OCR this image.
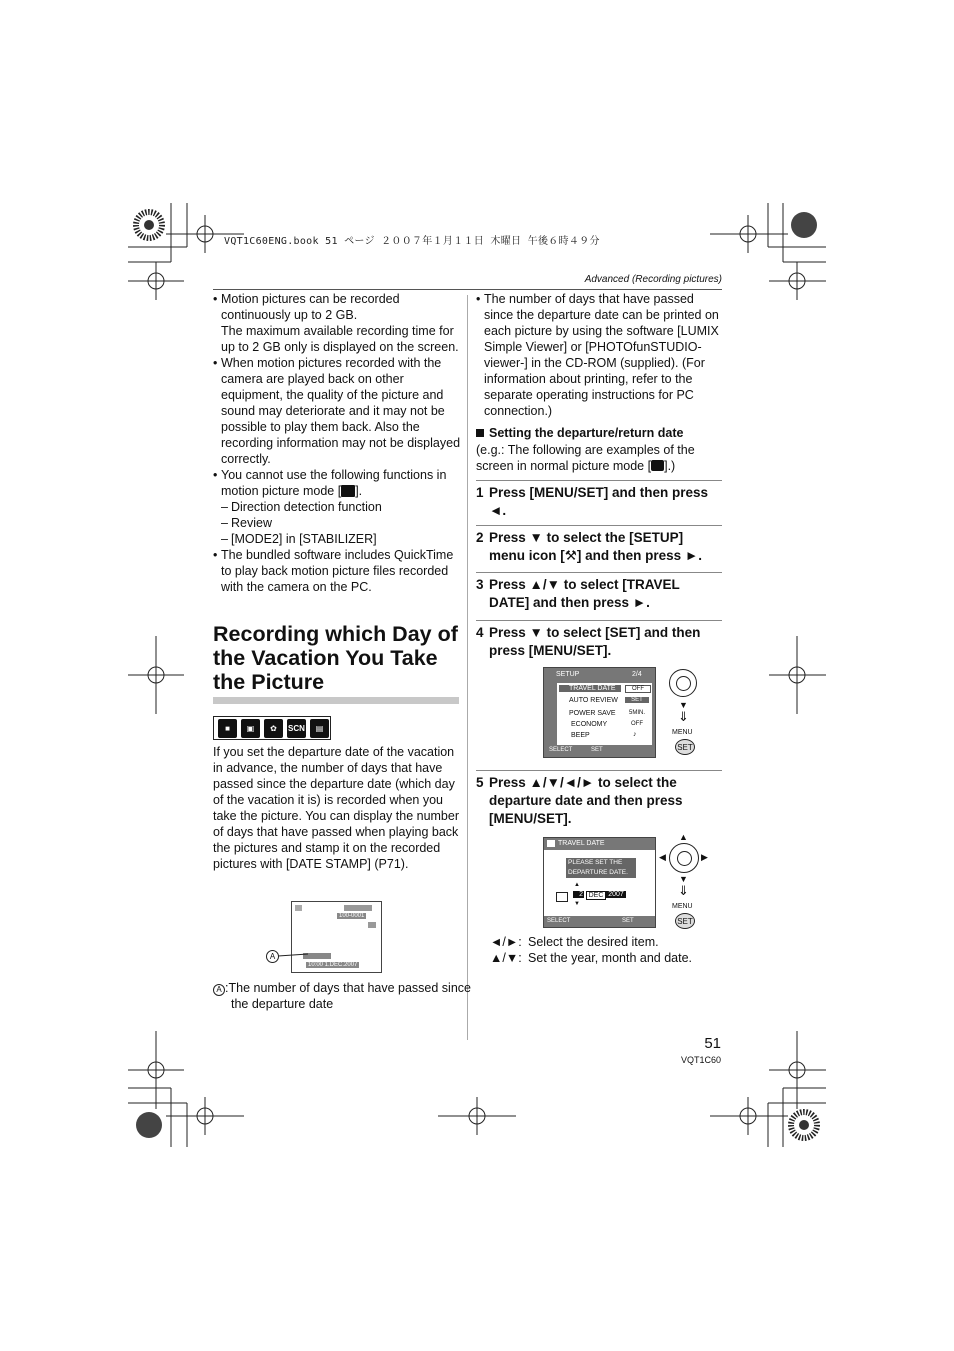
VQT1C60ENG.book 51 ページ ２００７年１月１１日 木曜日 午後６時４９分
Advanced (Recording pictures)

• Motion pictures can be recorded continuously up to 2 GB.

The maximum available recording time for up to 2 GB only is displayed on the screen.

• When motion pictures recorded with the camera are played back on other equipment, the quality of the picture and sound may deteriorate and it may not be possible to play them back. Also the recording information may not be displayed correctly.

• You cannot use the following functions in motion picture mode [ ].

– Direction detection function

– Review

– [MODE2] in [STABILIZER]

• The bundled software includes QuickTime to play back motion picture files recorded with the camera on the PC.

Recording which Day of the Vacation You Take the Picture
■	▣	✿	SCN	▤
If you set the departure date of the vacation in advance, the number of days that have passed since the departure date (which day of the vacation it is) is recorded when you take the picture. You can display the number of days that have passed when playing back the pictures and stamp it on the recorded pictures with [DATE STAMP] (P71).
100-0001
10:00 1.DEC.2007
A
A :The number of days that have passed since the departure date

• The number of days that have passed since the departure date can be printed on each picture by using the software [LUMIX Simple Viewer] or [PHOTOfunSTUDIO-viewer-] in the CD-ROM (supplied). (For information about printing, refer to the separate operating instructions for PC connection.)

Setting the departure/return date
(e.g.: The following are examples of the screen in normal picture mode [ ].)
1 Press [MENU/SET] and then press ◄.
2 Press ▼ to select the [SETUP] menu icon [⚒] and then press ►.
3 Press ▲/▼ to select [TRAVEL DATE] and then press ►.
4 Press ▼ to select [SET] and then press [MENU/SET].
SETUP	2/4
TRAVEL DATE	OFF
AUTO REVIEW	SET
POWER SAVE	5MIN.
ECONOMY	OFF
BEEP	♪
SELECT	SET
▼
⇓
MENU
SET
5 Press ▲/▼/◄/► to select the departure date and then press [MENU/SET].
TRAVEL DATE
PLEASE SET THE DEPARTURE DATE.
▲
2 DEC 2007
▼
SELECT	SET
▲
◀	▶
▼
⇓
MENU
SET
◄/►: Select the desired item.
▲/▼: Set the year, month and date.
51
VQT1C60
